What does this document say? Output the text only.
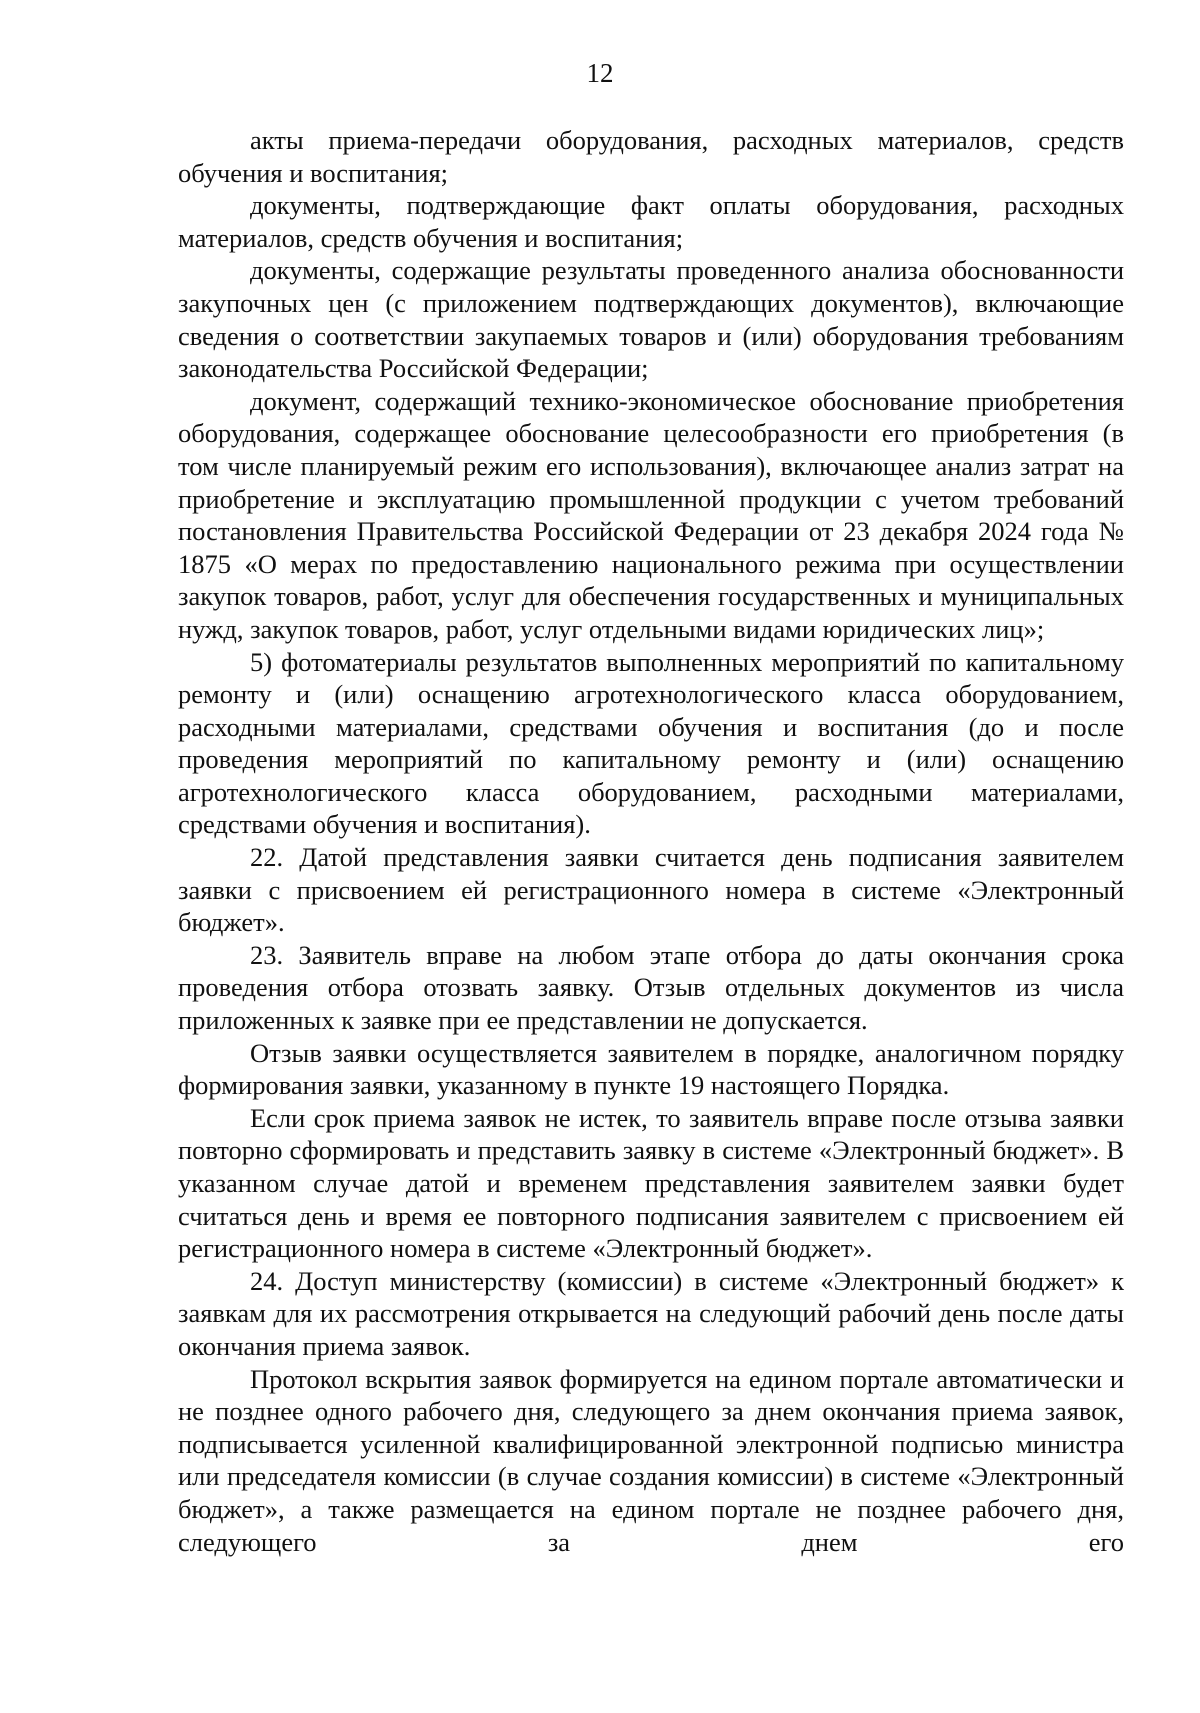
12

акты приема-передачи оборудования, расходных материалов, средств обучения и воспитания;

документы, подтверждающие факт оплаты оборудования, расходных материалов, средств обучения и воспитания;

документы, содержащие результаты проведенного анализа обоснованности закупочных цен (с приложением подтверждающих документов), включающие сведения о соответствии закупаемых товаров и (или) оборудования требованиям законодательства Российской Федерации;

документ, содержащий технико-экономическое обоснование приобретения оборудования, содержащее обоснование целесообразности его приобретения (в том числе планируемый режим его использования), включающее анализ затрат на приобретение и эксплуатацию промышленной продукции с учетом требований постановления Правительства Российской Федерации от 23 декабря 2024 года № 1875 «О мерах по предоставлению национального режима при осуществлении закупок товаров, работ, услуг для обеспечения государственных и муниципальных нужд, закупок товаров, работ, услуг отдельными видами юридических лиц»;

5) фотоматериалы результатов выполненных мероприятий по капитальному ремонту и (или) оснащению агротехнологического класса оборудованием, расходными материалами, средствами обучения и воспитания (до и после проведения мероприятий по капитальному ремонту и (или) оснащению агротехнологического класса оборудованием, расходными материалами, средствами обучения и воспитания).

22. Датой представления заявки считается день подписания заявителем заявки с присвоением ей регистрационного номера в системе «Электронный бюджет».

23. Заявитель вправе на любом этапе отбора до даты окончания срока проведения отбора отозвать заявку. Отзыв отдельных документов из числа приложенных к заявке при ее представлении не допускается.

Отзыв заявки осуществляется заявителем в порядке, аналогичном порядку формирования заявки, указанному в пункте 19 настоящего Порядка.

Если срок приема заявок не истек, то заявитель вправе после отзыва заявки повторно сформировать и представить заявку в системе «Электронный бюджет». В указанном случае датой и временем представления заявителем заявки будет считаться день и время ее повторного подписания заявителем с присвоением ей регистрационного номера в системе «Электронный бюджет».

24. Доступ министерству (комиссии) в системе «Электронный бюджет» к заявкам для их рассмотрения открывается на следующий рабочий день после даты окончания приема заявок.

Протокол вскрытия заявок формируется на едином портале автоматически и не позднее одного рабочего дня, следующего за днем окончания приема заявок, подписывается усиленной квалифицированной электронной подписью министра или председателя комиссии (в случае создания комиссии) в системе «Электронный бюджет», а также размещается на едином портале не позднее рабочего дня, следующего за днем его
